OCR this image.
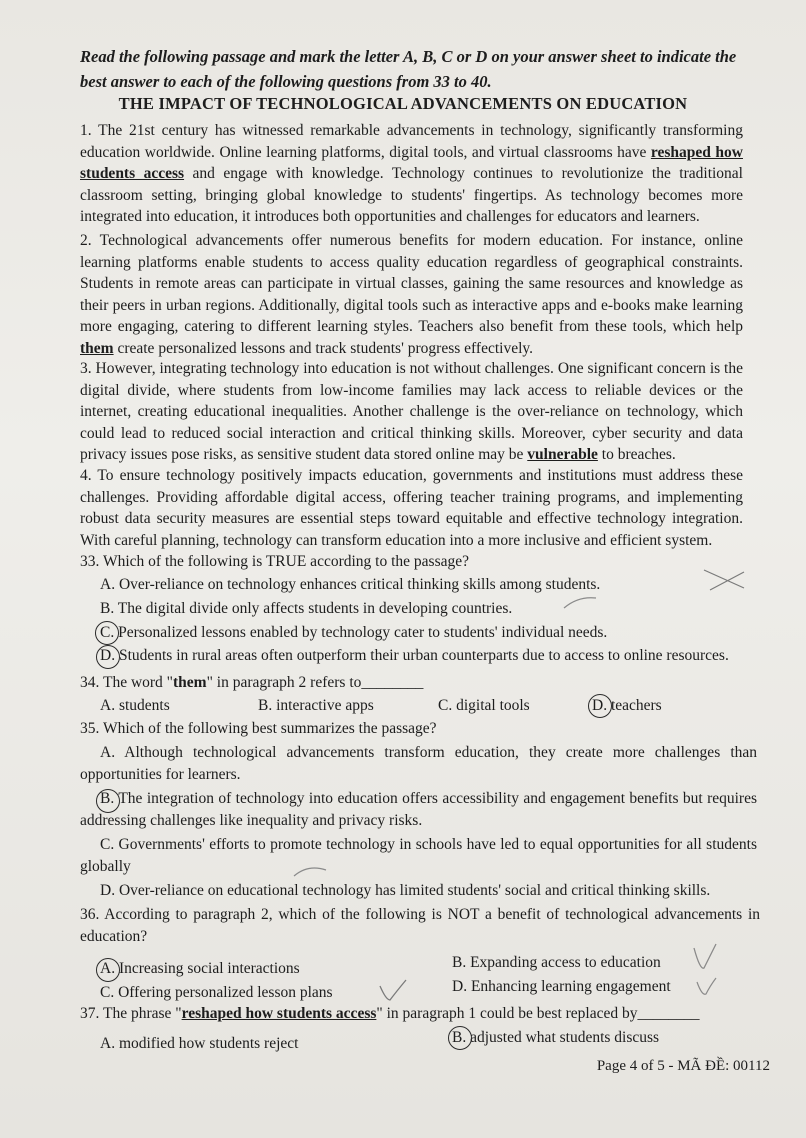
Read the following passage and mark the letter A, B, C or D on your answer sheet to indicate the best answer to each of the following questions from 33 to 40.
THE IMPACT OF TECHNOLOGICAL ADVANCEMENTS ON EDUCATION
1. The 21st century has witnessed remarkable advancements in technology, significantly transforming education worldwide. Online learning platforms, digital tools, and virtual classrooms have reshaped how students access and engage with knowledge. Technology continues to revolutionize the traditional classroom setting, bringing global knowledge to students' fingertips. As technology becomes more integrated into education, it introduces both opportunities and challenges for educators and learners.
2. Technological advancements offer numerous benefits for modern education. For instance, online learning platforms enable students to access quality education regardless of geographical constraints. Students in remote areas can participate in virtual classes, gaining the same resources and knowledge as their peers in urban regions. Additionally, digital tools such as interactive apps and e-books make learning more engaging, catering to different learning styles. Teachers also benefit from these tools, which help them create personalized lessons and track students' progress effectively.
3. However, integrating technology into education is not without challenges. One significant concern is the digital divide, where students from low-income families may lack access to reliable devices or the internet, creating educational inequalities. Another challenge is the over-reliance on technology, which could lead to reduced social interaction and critical thinking skills. Moreover, cyber security and data privacy issues pose risks, as sensitive student data stored online may be vulnerable to breaches.
4. To ensure technology positively impacts education, governments and institutions must address these challenges. Providing affordable digital access, offering teacher training programs, and implementing robust data security measures are essential steps toward equitable and effective technology integration. With careful planning, technology can transform education into a more inclusive and efficient system.
33. Which of the following is TRUE according to the passage?
A. Over-reliance on technology enhances critical thinking skills among students.
B. The digital divide only affects students in developing countries.
C. Personalized lessons enabled by technology cater to students' individual needs.
D. Students in rural areas often outperform their urban counterparts due to access to online resources.
34. The word "them" in paragraph 2 refers to________
A. students	B. interactive apps	C. digital tools	D. teachers
35. Which of the following best summarizes the passage?
A. Although technological advancements transform education, they create more challenges than opportunities for learners.
B. The integration of technology into education offers accessibility and engagement benefits but requires addressing challenges like inequality and privacy risks.
C. Governments' efforts to promote technology in schools have led to equal opportunities for all students globally
D. Over-reliance on educational technology has limited students' social and critical thinking skills.
36. According to paragraph 2, which of the following is NOT a benefit of technological advancements in education?
A. Increasing social interactions	B. Expanding access to education
C. Offering personalized lesson plans	D. Enhancing learning engagement
37. The phrase "reshaped how students access" in paragraph 1 could be best replaced by________
A. modified how students reject	B. adjusted what students discuss
Page 4 of 5 - MÃ ĐỀ: 00112
